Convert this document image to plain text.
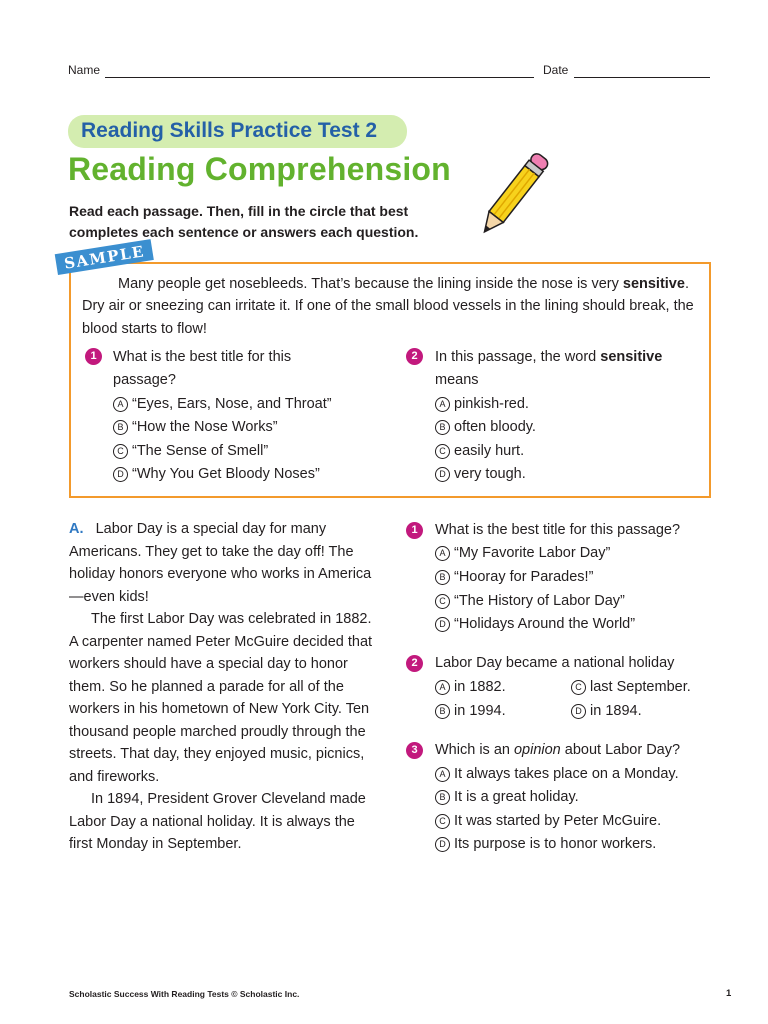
Name	Date
Reading Skills Practice Test 2
Reading Comprehension
Read each passage. Then, fill in the circle that best
completes each sentence or answers each question.
SAMPLE
Many people get nosebleeds. That’s because the lining inside the nose is very sensitive. Dry air or sneezing can irritate it. If one of the small blood vessels in the lining should break, the blood starts to flow!
1	What is the best title for this passage?
A “Eyes, Ears, Nose, and Throat”
B “How the Nose Works”
C “The Sense of Smell”
D “Why You Get Bloody Noses”
2	In this passage, the word sensitive
means
A pinkish-red.
B often bloody.
C easily hurt.
D very tough.
A. Labor Day is a special day for many Americans. They get to take the day off! The holiday honors everyone who works in America—even kids!
The first Labor Day was celebrated in 1882. A carpenter named Peter McGuire decided that workers should have a special day to honor them. So he planned a parade for all of the workers in his hometown of New York City. Ten thousand people marched proudly through the streets. That day, they enjoyed music, picnics, and fireworks.
In 1894, President Grover Cleveland made Labor Day a national holiday. It is always the first Monday in September.
1	What is the best title for this passage?
A “My Favorite Labor Day”
B “Hooray for Parades!”
C “The History of Labor Day”
D “Holidays Around the World”
2	Labor Day became a national holiday
A in 1882.
B in 1994.
C last September.
D in 1894.
3	Which is an opinion about Labor Day?
A It always takes place on a Monday.
B It is a great holiday.
C It was started by Peter McGuire.
D Its purpose is to honor workers.
Scholastic Success With Reading Tests © Scholastic Inc.	1
